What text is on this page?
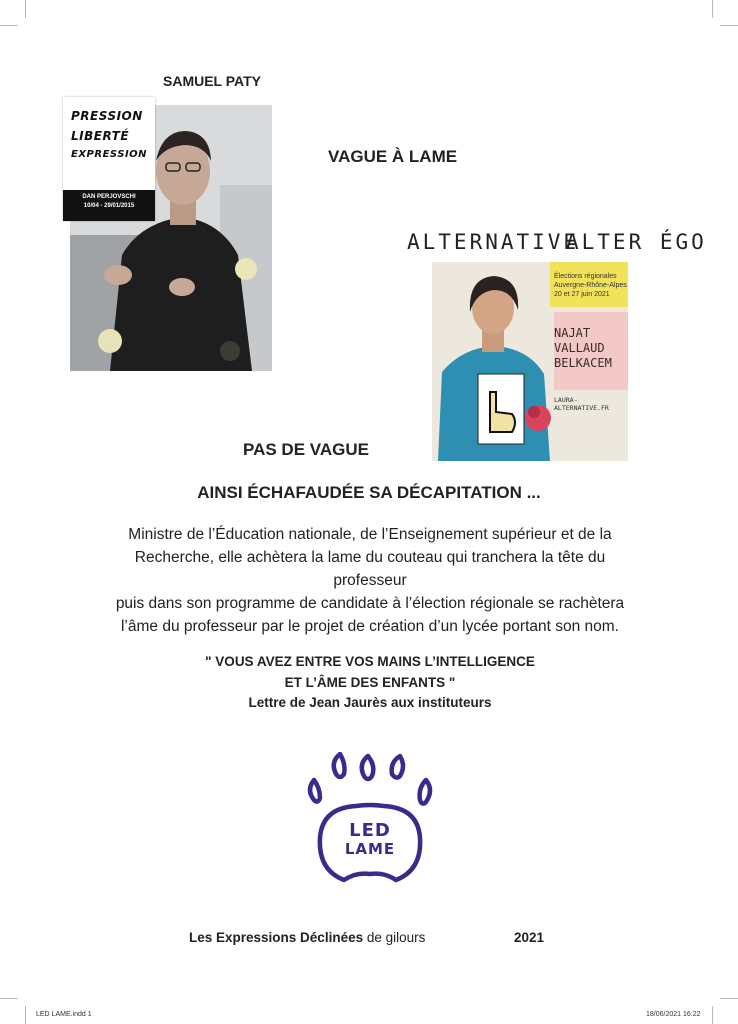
SAMUEL PATY
PRESSION
LIBERTÉ
EXPRESSION
DAN PERJOVSCHI
10/04 - 29/01/2015
VAGUE À LAME
ALTERNATIVE
ALTER ÉGO
Élections régionales
Auvergne-Rhône-Alpes
20 et 27 juin 2021
NAJAT
VALLAUD
BELKACEM
LAURA-ALTERNATIVE.FR
PAS DE VAGUE
AINSI ÉCHAFAUDÉE SA DÉCAPITATION ...
Ministre de l’Éducation nationale, de l’Enseignement supérieur et de la
Recherche, elle achètera la lame du couteau qui tranchera la tête du professeur
puis dans son programme de candidate à l’élection régionale se rachètera
l’âme du professeur par le projet de création d’un lycée portant son nom.
" VOUS AVEZ ENTRE VOS MAINS L’INTELLIGENCE
ET L’ÂME DES ENFANTS "
Lettre de Jean Jaurès aux instituteurs
LED
LAME
Les Expressions Déclinées de gilours	2021
LED LAME.indd 1	18/06/2021 16:22
